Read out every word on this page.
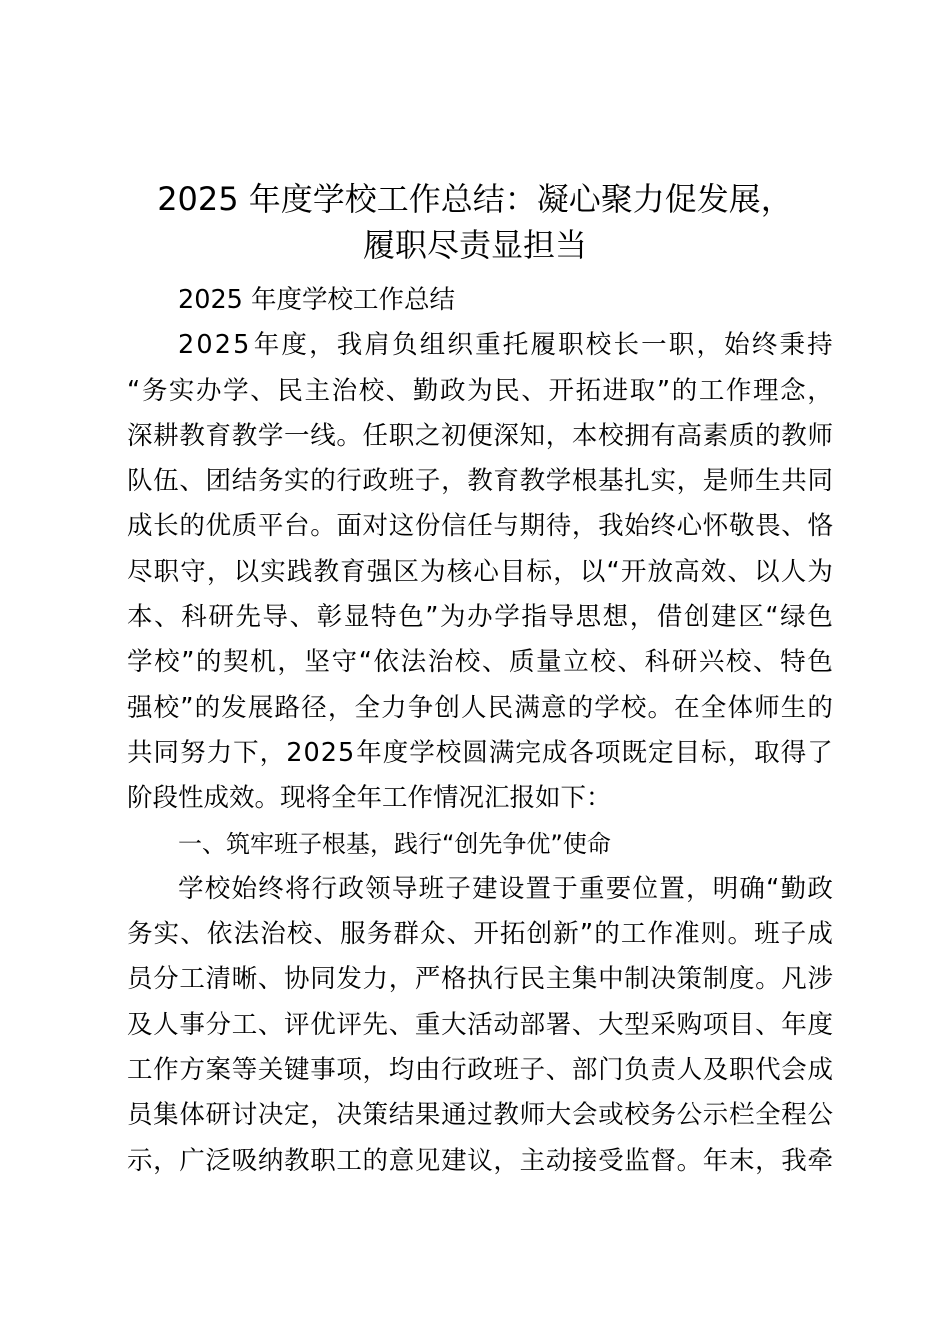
2025 年度学校工作总结：凝心聚力促发展，
履职尽责显担当
2025 年度学校工作总结
2 0 2 5 年 度 ， 我 肩 负 组 织 重 托 履 职 校 长 一 职 ， 始 终 秉 持
“ 务 实 办 学 、 民 主 治 校 、 勤 政 为 民 、 开 拓 进 取 ” 的 工 作 理 念 ，
深 耕 教 育 教 学 一 线 。 任 职 之 初 便 深 知 ， 本 校 拥 有 高 素 质 的 教 师
队 伍 、 团 结 务 实 的 行 政 班 子 ， 教 育 教 学 根 基 扎 实 ， 是 师 生 共 同
成 长 的 优 质 平 台 。 面 对 这 份 信 任 与 期 待 ， 我 始 终 心 怀 敬 畏 、 恪
尽 职 守 ， 以 实 践 教 育 强 区 为 核 心 目 标 ， 以 “ 开 放 高 效 、 以 人 为
本 、 科 研 先 导 、 彰 显 特 色 ” 为 办 学 指 导 思 想 ， 借 创 建 区 “ 绿 色
学 校 ” 的 契 机 ， 坚 守 “ 依 法 治 校 、 质 量 立 校 、 科 研 兴 校 、 特 色
强 校 ” 的 发 展 路 径 ， 全 力 争 创 人 民 满 意 的 学 校 。 在 全 体 师 生 的
共 同 努 力 下 ， 2 0 2 5 年 度 学 校 圆 满 完 成 各 项 既 定 目 标 ， 取 得 了
阶段性成效。现将全年工作情况汇报如下：
一、筑牢班子根基，践行“创先争优”使命
学 校 始 终 将 行 政 领 导 班 子 建 设 置 于 重 要 位 置 ， 明 确 “ 勤 政
务 实 、 依 法 治 校 、 服 务 群 众 、 开 拓 创 新 ” 的 工 作 准 则 。 班 子 成
员 分 工 清 晰 、 协 同 发 力 ， 严 格 执 行 民 主 集 中 制 决 策 制 度 。 凡 涉
及 人 事 分 工 、 评 优 评 先 、 重 大 活 动 部 署 、 大 型 采 购 项 目 、 年 度
工 作 方 案 等 关 键 事 项 ， 均 由 行 政 班 子 、 部 门 负 责 人 及 职 代 会 成
员 集 体 研 讨 决 定 ， 决 策 结 果 通 过 教 师 大 会 或 校 务 公 示 栏 全 程 公
示 ， 广 泛 吸 纳 教 职 工 的 意 见 建 议 ， 主 动 接 受 监 督 。 年 末 ， 我 牵
